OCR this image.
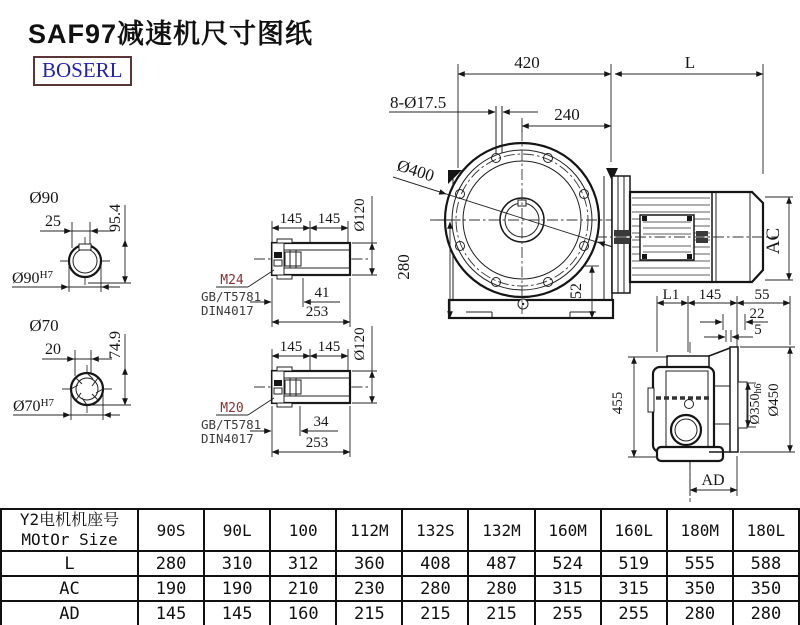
SAF97减速机尺寸图纸
BOSERL
Ø90
25	95.4
$Ø90^{H7}$
Ø70
20	74.9
$Ø70^{H7}$
145 145 Ø120
M24
GB/T5781
DIN4017
41
253
145 145 Ø120
M20
GB/T5781
DIN4017
34
253
Ø400
420	L
240
8-Ø17.5
280
52
AC
L1 145 55
22
5
455	Ø350h6 Ø450
AD
Y2电机机座号
MOtOr Size	90S	90L	100	112M	132S	132M	160M	160L	180M	180L
L	280	310	312	360	408	487	524	519	555	588
AC	190	190	210	230	280	280	315	315	350	350
AD	145	145	160	215	215	215	255	255	280	280
